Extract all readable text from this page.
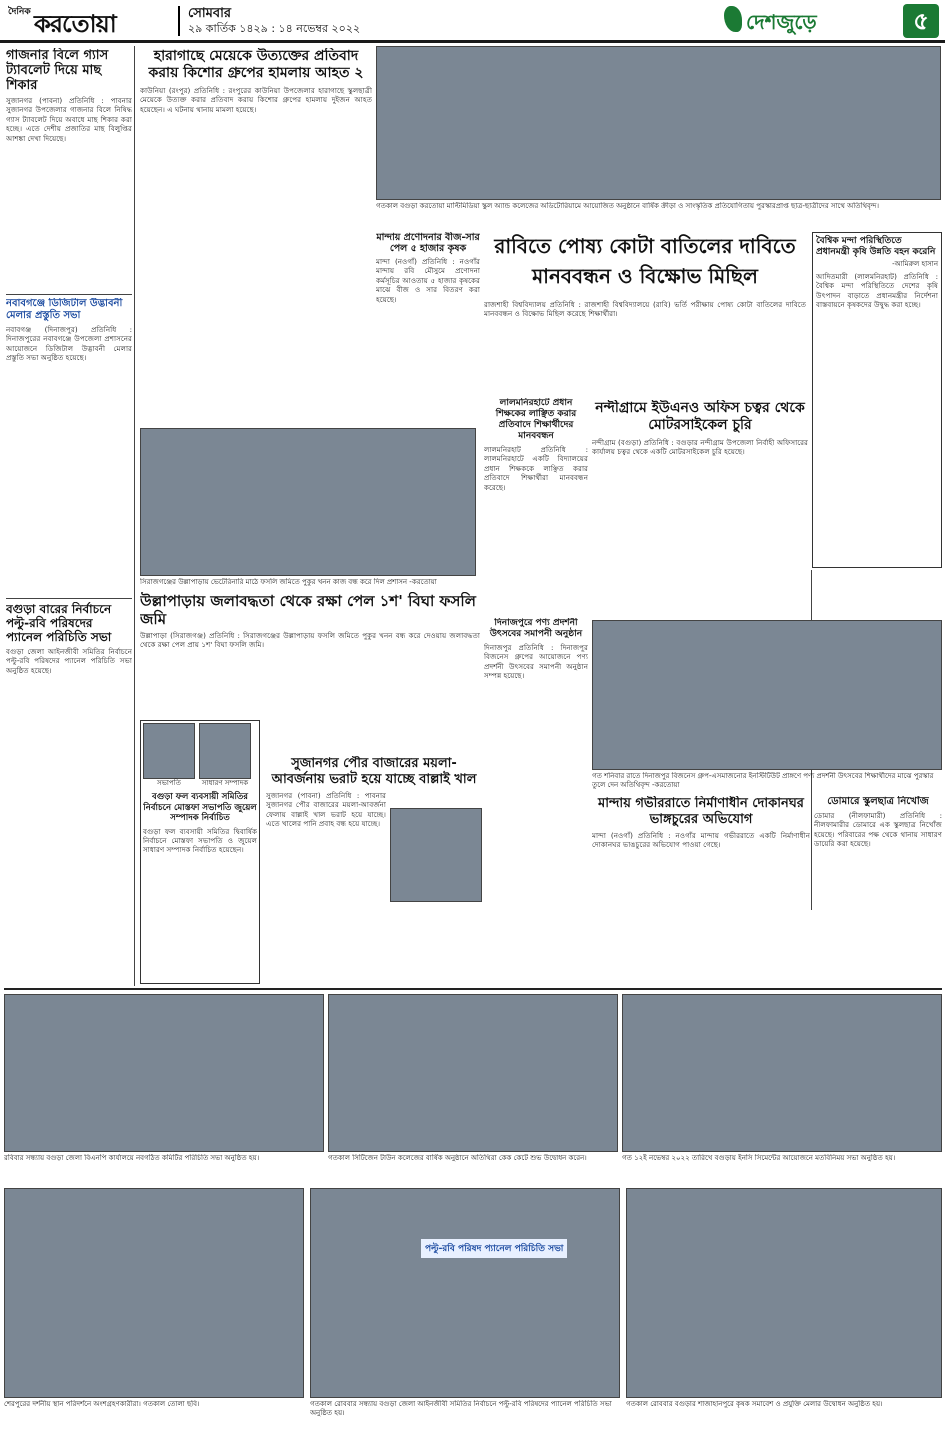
দৈনিক করতোয়া	সোমবার
২৯ কার্তিক ১৪২৯ : ১৪ নভেম্বর ২০২২	দেশজুড়ে	৫
গাজনার বিলে গ্যাস ট্যাবলেট দিয়ে মাছ শিকার
সুজানগর (পাবনা) প্রতিনিধি : পাবনার সুজানগর উপজেলার গাজনার বিলে নিষিদ্ধ গ্যাস ট্যাবলেট দিয়ে অবাধে মাছ শিকার করা হচ্ছে। এতে দেশীয় প্রজাতির মাছ বিলুপ্তির আশঙ্কা দেখা দিয়েছে।
নবাবগঞ্জে ডিজিটাল উদ্ভাবনী মেলার প্রস্তুতি সভা
নবাবগঞ্জ (দিনাজপুর) প্রতিনিধি : দিনাজপুরের নবাবগঞ্জে উপজেলা প্রশাসনের আয়োজনে ডিজিটাল উদ্ভাবনী মেলার প্রস্তুতি সভা অনুষ্ঠিত হয়েছে।
বগুড়া বারের নির্বাচনে পল্টু-রবি পরিষদের প্যানেল পরিচিতি সভা
বগুড়া জেলা আইনজীবী সমিতির নির্বাচনে পল্টু-রবি পরিষদের প্যানেল পরিচিতি সভা অনুষ্ঠিত হয়েছে।
হারাগাছে মেয়েকে উত্যক্তের প্রতিবাদ করায় কিশোর গ্রুপের হামলায় আহত ২
কাউনিয়া (রংপুর) প্রতিনিধি : রংপুরের কাউনিয়া উপজেলার হারাগাছে স্কুলছাত্রী মেয়েকে উত্যক্ত করার প্রতিবাদ করায় কিশোর গ্রুপের হামলায় দুইজন আহত হয়েছেন। এ ঘটনায় থানায় মামলা হয়েছে।
গতকাল বগুড়া করতোয়া মাল্টিমিডিয়া স্কুল অ্যান্ড কলেজের অডিটোরিয়ামে আয়োজিত অনুষ্ঠানে বার্ষিক ক্রীড়া ও সাংস্কৃতিক প্রতিযোগিতায় পুরস্কারপ্রাপ্ত ছাত্র-ছাত্রীদের সাথে অতিথিবৃন্দ।
মান্দায় প্রণোদনার বীজ-সার পেল ৫ হাজার কৃষক
মান্দা (নওগাঁ) প্রতিনিধি : নওগাঁর মান্দায় রবি মৌসুমে প্রণোদনা কর্মসূচির আওতায় ৫ হাজার কৃষকের মাঝে বীজ ও সার বিতরণ করা হয়েছে।
রাবিতে পোষ্য কোটা বাতিলের দাবিতে
মানববন্ধন ও বিক্ষোভ মিছিল
রাজশাহী বিশ্ববিদ্যালয় প্রতিনিধি : রাজশাহী বিশ্ববিদ্যালয়ে (রাবি) ভর্তি পরীক্ষায় পোষ্য কোটা বাতিলের দাবিতে মানববন্ধন ও বিক্ষোভ মিছিল করেছে শিক্ষার্থীরা।
বৈশ্বিক মন্দা পরিস্থিতিতে প্রধানমন্ত্রী কৃষি উন্নতি বহন করেনি
-আমিরুল হাসান
আদিতমারী (লালমনিরহাট) প্রতিনিধি : বৈশ্বিক মন্দা পরিস্থিতিতে দেশের কৃষি উৎপাদন বাড়াতে প্রধানমন্ত্রীর নির্দেশনা বাস্তবায়নে কৃষকদের উদ্বুদ্ধ করা হচ্ছে।
সিরাজগঞ্জের উল্লাপাড়ায় ভেটেরিনারি মাঠে ফসলি জমিতে পুকুর খনন কাজ বন্ধ করে দিল প্রশাসন -করতোয়া
লালমনিরহাটে প্রধান শিক্ষকের লাঞ্ছিত করার প্রতিবাদে শিক্ষার্থীদের মানববন্ধন
লালমনিরহাট প্রতিনিধি : লালমনিরহাটে একটি বিদ্যালয়ের প্রধান শিক্ষককে লাঞ্ছিত করার প্রতিবাদে শিক্ষার্থীরা মানববন্ধন করেছে।
নন্দীগ্রামে ইউএনও অফিস চত্বর থেকে মোটরসাইকেল চুরি
নন্দীগ্রাম (বগুড়া) প্রতিনিধি : বগুড়ার নন্দীগ্রাম উপজেলা নির্বাহী অফিসারের কার্যালয় চত্বর থেকে একটি মোটরসাইকেল চুরি হয়েছে।
উল্লাপাড়ায় জলাবদ্ধতা থেকে রক্ষা পেল ১শ' বিঘা ফসলি জমি
উল্লাপাড়া (সিরাজগঞ্জ) প্রতিনিধি : সিরাজগঞ্জের উল্লাপাড়ায় ফসলি জমিতে পুকুর খনন বন্ধ করে দেওয়ায় জলাবদ্ধতা থেকে রক্ষা পেল প্রায় ১শ' বিঘা ফসলি জমি।
সভাপতি	সাধারণ সম্পাদক
বগুড়া ফল ব্যবসায়ী সমিতির নির্বাচনে মোস্তফা সভাপতি জুয়েল সম্পাদক নির্বাচিত
বগুড়া ফল ব্যবসায়ী সমিতির দ্বিবার্ষিক নির্বাচনে মোস্তফা সভাপতি ও জুয়েল সাধারণ সম্পাদক নির্বাচিত হয়েছেন।
সুজানগর পৌর বাজারের ময়লা-আবর্জনায় ভরাট হয়ে যাচ্ছে বাল্লাই খাল
সুজানগর (পাবনা) প্রতিনিধি : পাবনার সুজানগর পৌর বাজারের ময়লা-আবর্জনা ফেলায় বাল্লাই খাল ভরাট হয়ে যাচ্ছে। এতে খালের পানি প্রবাহ বন্ধ হয়ে যাচ্ছে।
দিনাজপুরে পণ্য প্রদর্শনী উৎসবের সমাপনী অনুষ্ঠান
দিনাজপুর প্রতিনিধি : দিনাজপুর বিজনেস গ্রুপের আয়োজনে পণ্য প্রদর্শনী উৎসবের সমাপনী অনুষ্ঠান সম্পন্ন হয়েছে।
গত শনিবার রাতে দিনাজপুর বিজনেস গ্রুপ-এসমাজনোর ইনস্টিটিউট প্রাঙ্গণে পণ্য প্রদর্শনী উৎসবের শিক্ষার্থীদের মাঝে পুরস্কার তুলে দেন অতিথিবৃন্দ -করতোয়া
মান্দায় গভীররাতে নির্মাণাধীন দোকানঘর ভাঙ্গচুরের অভিযোগ
মান্দা (নওগাঁ) প্রতিনিধি : নওগাঁর মান্দায় গভীররাতে একটি নির্মাণাধীন দোকানঘর ভাঙচুরের অভিযোগ পাওয়া গেছে।
ডোমারে স্কুলছাত্র নিখোঁজ
ডোমার (নীলফামারী) প্রতিনিধি : নীলফামারীর ডোমারে এক স্কুলছাত্র নিখোঁজ হয়েছে। পরিবারের পক্ষ থেকে থানায় সাধারণ ডায়েরি করা হয়েছে।
রবিবার সন্ধ্যায় বগুড়া জেলা বিএনপি কার্যালয়ে নবগঠিত কমিটির পরিচিতি সভা অনুষ্ঠিত হয়।	গতকাল সিটিজেন টাউন কলেজের বার্ষিক অনুষ্ঠানে অতিথিরা কেক কেটে শুভ উদ্বোধন করেন।	গত ১২ই নভেম্বর ২০২২ তারিখে বগুড়ায় ইনসি সিমেন্টের আয়োজনে মতবিনিময় সভা অনুষ্ঠিত হয়।
শেরপুরের দর্শনীয় স্থান পরিদর্শনে অংশগ্রহণকারীরা। গতকাল তোলা ছবি।
পল্টু-রবি পরিষদ প্যানেল পরিচিতি সভা
গতকাল রোববার সন্ধ্যায় বগুড়া জেলা আইনজীবী সমিতির নির্বাচনে পল্টু-রবি পরিষদের প্যানেল পরিচিতি সভা অনুষ্ঠিত হয়।
গতকাল রোববার বগুড়ার শাজাহানপুরে কৃষক সমাবেশ ও প্রযুক্তি মেলার উদ্বোধন অনুষ্ঠিত হয়।
